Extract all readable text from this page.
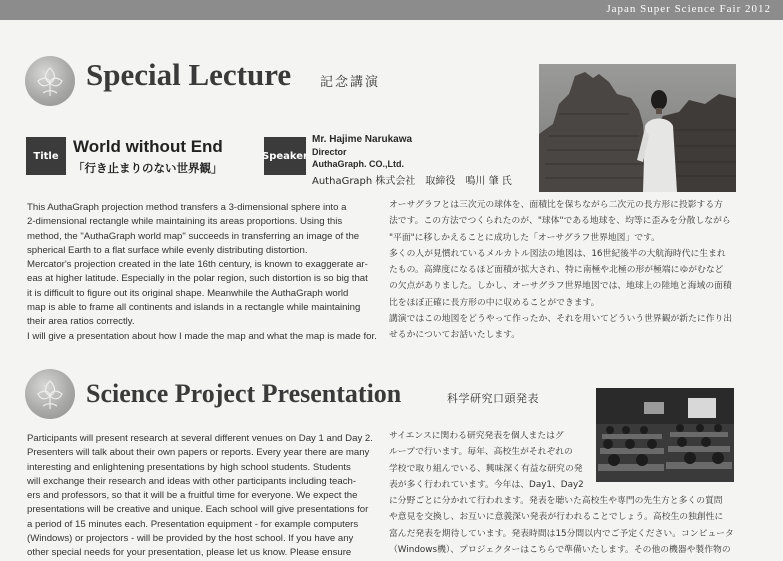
Japan Super Science Fair 2012
Special Lecture 記念講演
Title World without End
「行き止まりのない世界観」
Speaker
Mr. Hajime Narukawa
Director
AuthaGraph. CO.,Ltd.
AuthaGraph 株式会社　取締役　鳴川 肇 氏
This AuthaGraph projection method transfers a 3-dimensional sphere into a
2-dimensional rectangle while maintaining its areas proportions. Using this
method, the "AuthaGraph world map" succeeds in transferring an image of the
spherical Earth to a flat surface while evenly distributing distortion.
Mercator's projection created in the late 16th century, is known to exaggerate ar-
eas at higher latitude. Especially in the polar region, such distortion is so big that
it is difficult to figure out its original shape. Meanwhile the AuthaGraph world
map is able to frame all continents and islands in a rectangle while maintaining
their area ratios correctly.
I will give a presentation about how I made the map and what the map is made for.
オーサグラフとは三次元の球体を、面積比を保ちながら二次元の長方形に投影する方
法です。この方法でつくられたのが、"球体"である地球を、均等に歪みを分散しながら
"平面"に移しかえることに成功した「オーサグラフ世界地図」です。
多くの人が見慣れているメルカトル図法の地図は、16世紀後半の大航海時代に生まれ
たもの。高緯度になるほど面積が拡大され、特に南極や北極の形が極端にゆがむなど
の欠点がありました。しかし、オーサグラフ世界地図では、地球上の陸地と海域の面積
比をほぼ正確に長方形の中に収めることができます。
講演ではこの地図をどうやって作ったか、それを用いてどういう世界観が新たに作り出
せるかについてお話いたします。
Science Project Presentation	科学研究口頭発表
Participants will present research at several different venues on Day 1 and Day 2.
Presenters will talk about their own papers or reports. Every year there are many
interesting and enlightening presentations by high school students. Students
will exchange their research and ideas with other participants including teach-
ers and professors, so that it will be a fruitful time for everyone. We expect the
presentations will be creative and unique. Each school will give presentations for
a period of 15 minutes each. Presentation equipment - for example computers
(Windows) or projectors - will be provided by the host school. If you have any
other special needs for your presentation, please let us know. Please ensure
サイエンスに関わる研究発表を個人またはグ
ループで行います。毎年、高校生がそれぞれの
学校で取り組んでいる、興味深く有益な研究の発
表が多く行われています。今年は、Day1、Day2
に分野ごとに分かれて行われます。発表を聴いた高校生や専門の先生方と多くの質問
や意見を交換し、お互いに意義深い発表が行われることでしょう。高校生の独創性に
富んだ発表を期待しています。発表時間は15分間以内でご予定ください。コンピュータ
（Windows機）、プロジェクターはこちらで準備いたします。その他の機器や製作物の
